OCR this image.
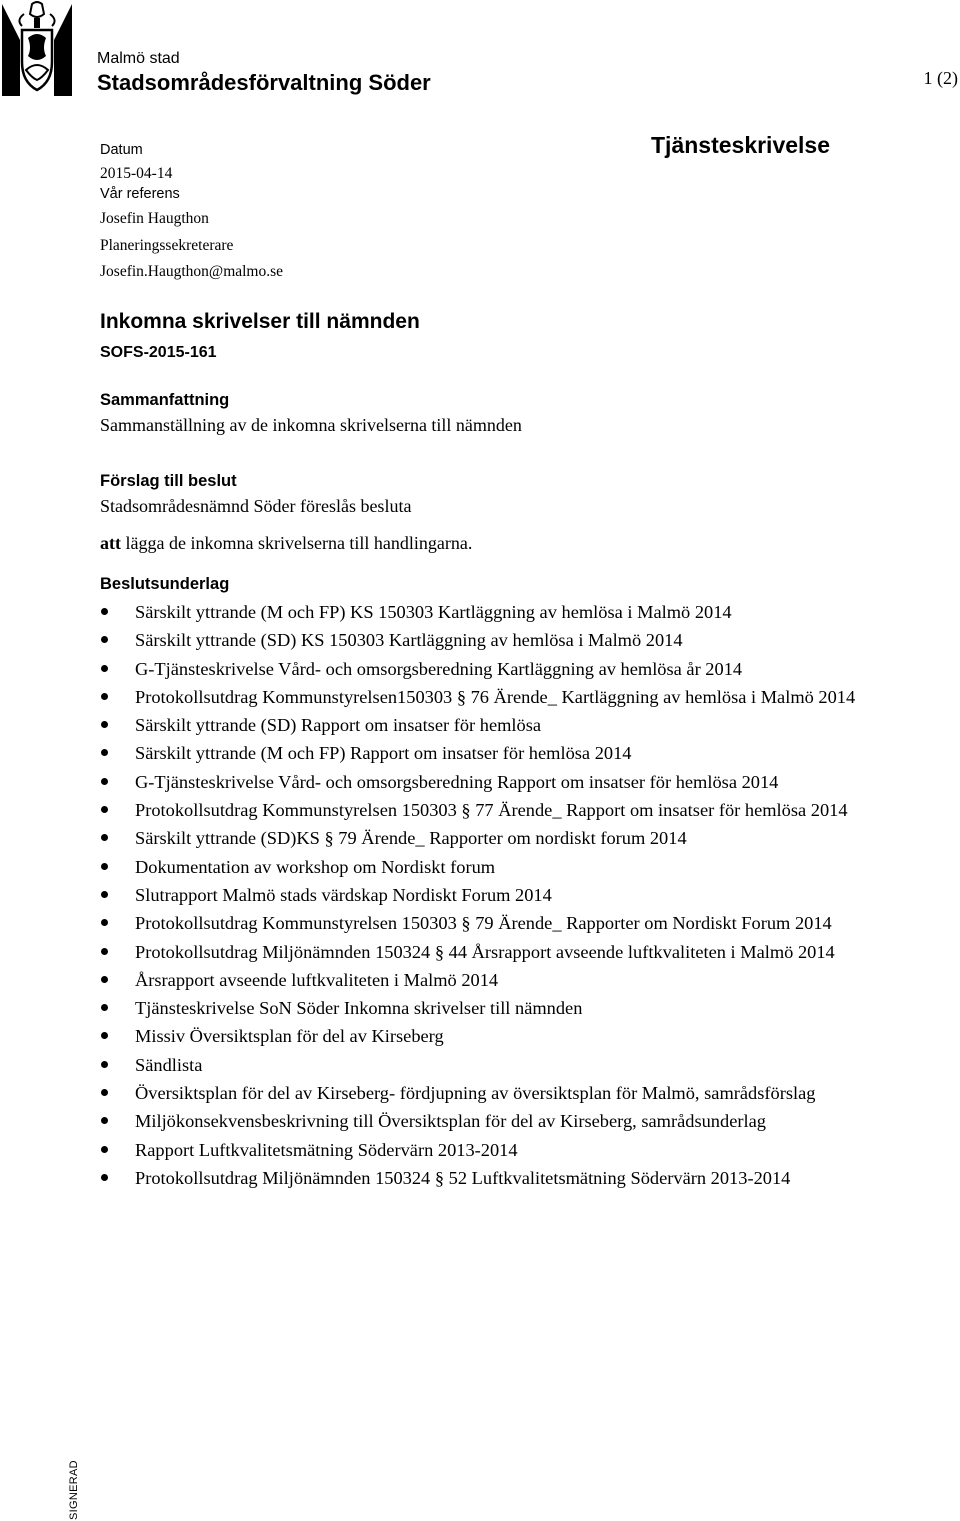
Malmö stad
Stadsområdesförvaltning Söder	1 (2)
Tjänsteskrivelse
Datum
2015-04-14
Vår referens
Josefin Haugthon
Planeringssekreterare
Josefin.Haugthon@malmo.se
Inkomna skrivelser till nämnden
SOFS-2015-161
Sammanfattning
Sammanställning av de inkomna skrivelserna till nämnden
Förslag till beslut
Stadsområdesnämnd Söder föreslås besluta
att lägga de inkomna skrivelserna till handlingarna.
Beslutsunderlag
Särskilt yttrande (M och FP) KS 150303 Kartläggning av hemlösa i Malmö 2014
Särskilt yttrande (SD) KS 150303 Kartläggning av hemlösa i Malmö 2014
G-Tjänsteskrivelse Vård- och omsorgsberedning Kartläggning av hemlösa år 2014
Protokollsutdrag Kommunstyrelsen150303 § 76 Ärende_ Kartläggning av hemlösa i Malmö 2014
Särskilt yttrande (SD) Rapport om insatser för hemlösa
Särskilt yttrande (M och FP) Rapport om insatser för hemlösa 2014
G-Tjänsteskrivelse Vård- och omsorgsberedning Rapport om insatser för hemlösa 2014
Protokollsutdrag Kommunstyrelsen 150303 § 77 Ärende_ Rapport om insatser för hemlösa 2014
Särskilt yttrande (SD)KS § 79 Ärende_ Rapporter om nordiskt forum 2014
Dokumentation av workshop om Nordiskt forum
Slutrapport Malmö stads värdskap Nordiskt Forum 2014
Protokollsutdrag Kommunstyrelsen 150303 § 79 Ärende_ Rapporter om Nordiskt Forum 2014
Protokollsutdrag Miljönämnden 150324 § 44 Årsrapport avseende luftkvaliteten i Malmö 2014
Årsrapport avseende luftkvaliteten i Malmö 2014
Tjänsteskrivelse SoN Söder Inkomna skrivelser till nämnden
Missiv Översiktsplan för del av Kirseberg
Sändlista
Översiktsplan för del av Kirseberg- fördjupning av översiktsplan för Malmö, samrådsförslag
Miljökonsekvensbeskrivning till Översiktsplan för del av Kirseberg, samrådsunderlag
Rapport Luftkvalitetsmätning Södervärn 2013-2014
Protokollsutdrag Miljönämnden 150324 § 52 Luftkvalitetsmätning Södervärn 2013-2014
SIGNERAD
